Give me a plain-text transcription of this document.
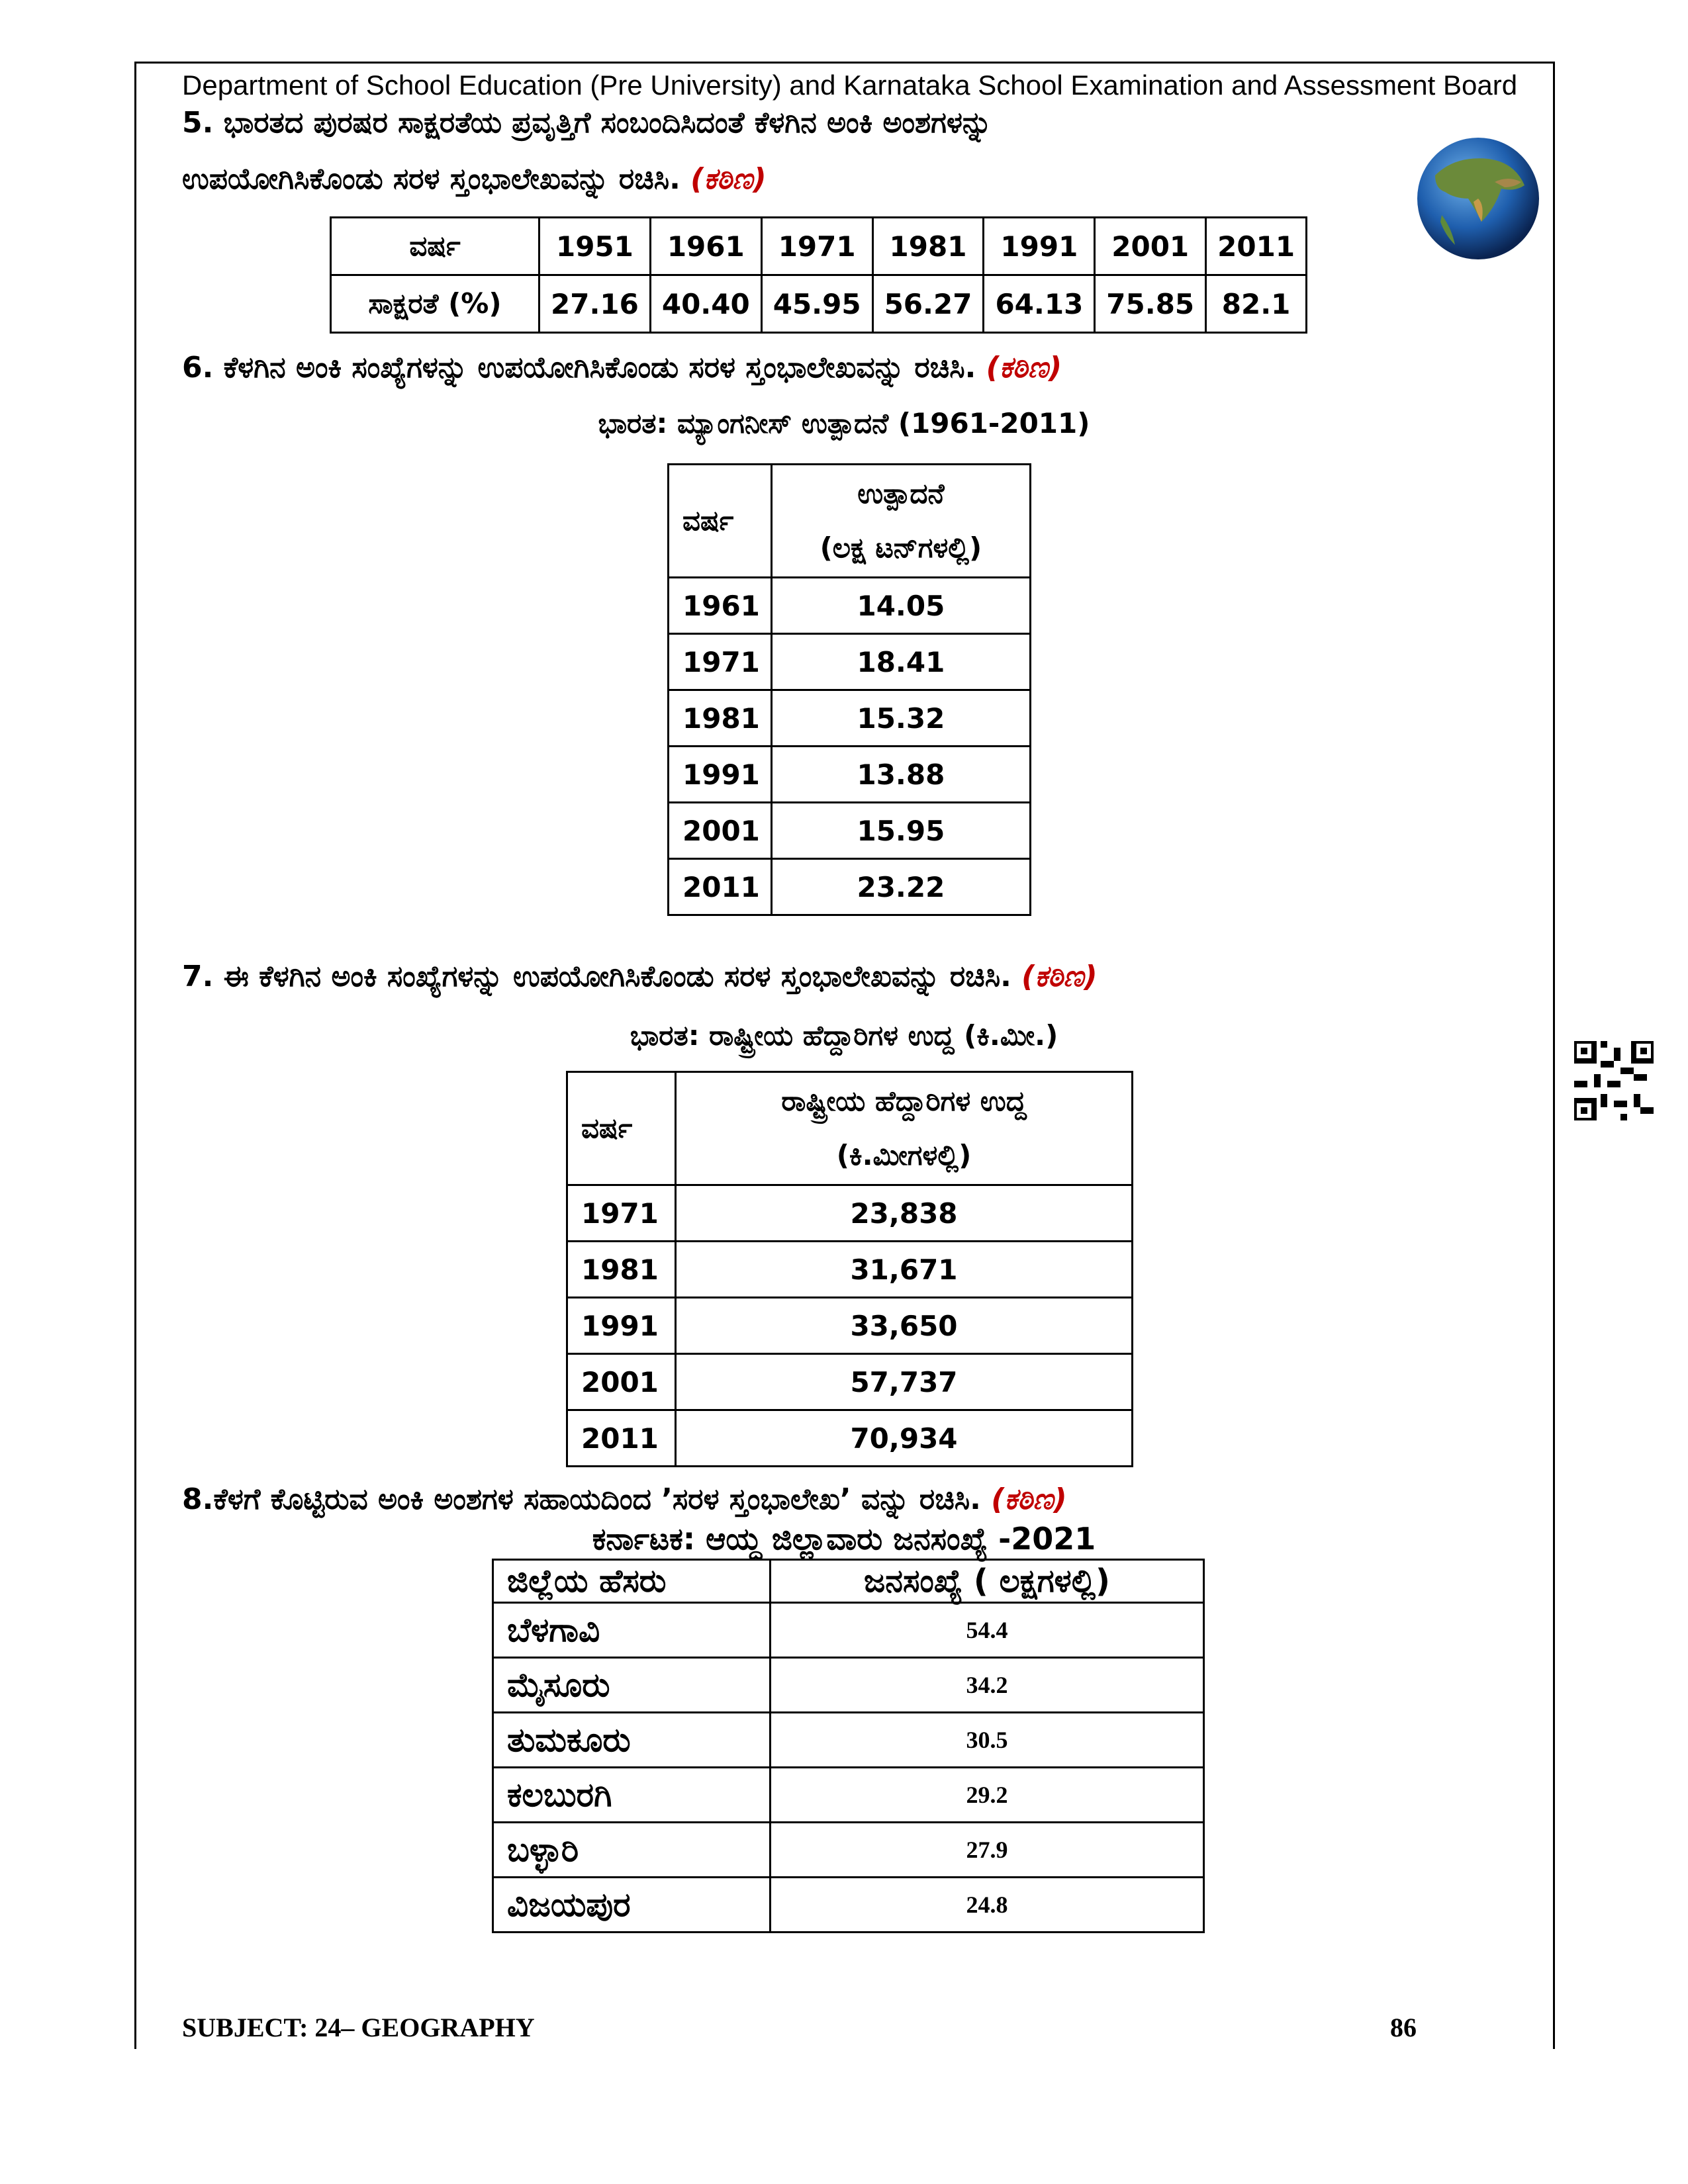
Department of School Education (Pre University) and Karnataka School Examination and Assessment Board
5. ಭಾರತದ ಪುರಷರ ಸಾಕ್ಷರತೆಯ ಪ್ರವೃತ್ತಿಗೆ ಸಂಬಂದಿಸಿದಂತೆ ಕೆಳಗಿನ ಅಂಕಿ ಅಂಶಗಳನ್ನು
ಉಪಯೋಗಿಸಿಕೊಂಡು ಸರಳ ಸ್ತಂಭಾಲೇಖವನ್ನು ರಚಿಸಿ. (ಕಠಿಣ)
ವರ್ಷ	1951	1961	1971	1981	1991	2001	2011
ಸಾಕ್ಷರತೆ (%)	27.16	40.40	45.95	56.27	64.13	75.85	82.1
6. ಕೆಳಗಿನ ಅಂಕಿ ಸಂಖ್ಯೆಗಳನ್ನು ಉಪಯೋಗಿಸಿಕೊಂಡು ಸರಳ ಸ್ತಂಭಾಲೇಖವನ್ನು ರಚಿಸಿ. (ಕಠಿಣ)
ಭಾರತ: ಮ್ಯಾಂಗನೀಸ್ ಉತ್ಪಾದನೆ (1961-2011)
ವರ್ಷ	ಉತ್ಪಾದನೆ
(ಲಕ್ಷ ಟನ್‌ಗಳಲ್ಲಿ)

1961	14.05
1971	18.41
1981	15.32
1991	13.88
2001	15.95
2011	23.22
7. ಈ ಕೆಳಗಿನ ಅಂಕಿ ಸಂಖ್ಯೆಗಳನ್ನು ಉಪಯೋಗಿಸಿಕೊಂಡು ಸರಳ ಸ್ತಂಭಾಲೇಖವನ್ನು ರಚಿಸಿ. (ಕಠಿಣ)
ಭಾರತ: ರಾಷ್ಟ್ರೀಯ ಹೆದ್ದಾರಿಗಳ ಉದ್ದ (ಕಿ.ಮೀ.)
ವರ್ಷ	ರಾಷ್ಟ್ರೀಯ ಹೆದ್ದಾರಿಗಳ ಉದ್ದ
(ಕಿ.ಮೀಗಳಲ್ಲಿ)

1971	23,838
1981	31,671
1991	33,650
2001	57,737
2011	70,934
8.ಕೆಳಗೆ ಕೊಟ್ಟಿರುವ ಅಂಕಿ ಅಂಶಗಳ ಸಹಾಯದಿಂದ ’ಸರಳ ಸ್ತಂಭಾಲೇಖ’ ವನ್ನು ರಚಿಸಿ. (ಕಠಿಣ)
ಕರ್ನಾಟಕ: ಆಯ್ದ ಜಿಲ್ಲಾವಾರು ಜನಸಂಖ್ಯೆ -2021
ಜಿಲ್ಲೆಯ ಹೆಸರು	ಜನಸಂಖ್ಯೆ ( ಲಕ್ಷಗಳಲ್ಲಿ)
ಬೆಳಗಾವಿ	54.4
ಮೈಸೂರು	34.2
ತುಮಕೂರು	30.5
ಕಲಬುರಗಿ	29.2
ಬಳ್ಳಾರಿ	27.9
ವಿಜಯಪುರ	24.8
SUBJECT: 24– GEOGRAPHY	86
